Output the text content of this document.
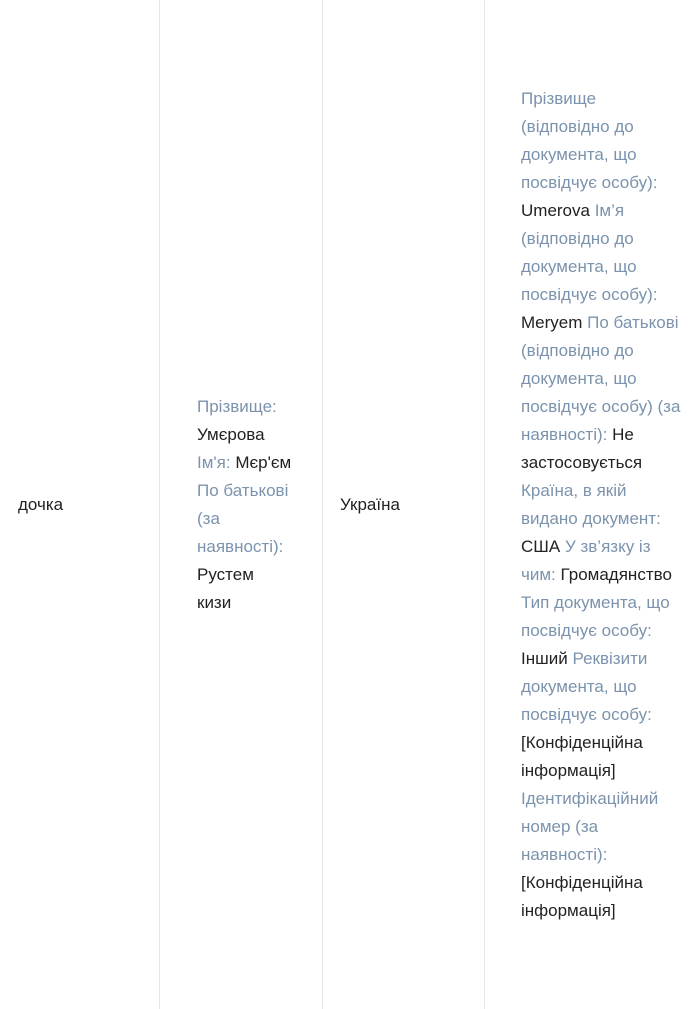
дочка
Прізвище: Умєрова Ім'я: Мєр'єм По батькові (за наявності): Рустем кизи
Україна
Прізвище (відповідно до документа, що посвідчує особу): Umerova Ім’я (відповідно до документа, що посвідчує особу): Meryem По батькові (відповідно до документа, що посвідчує особу) (за наявності): Не застосовується Країна, в якій видано документ: США У зв’язку із чим: Громадянство Тип документа, що посвідчує особу: Інший Реквізити документа, що посвідчує особу: [Конфіденційна інформація] Ідентифікаційний номер (за наявності): [Конфіденційна інформація]
